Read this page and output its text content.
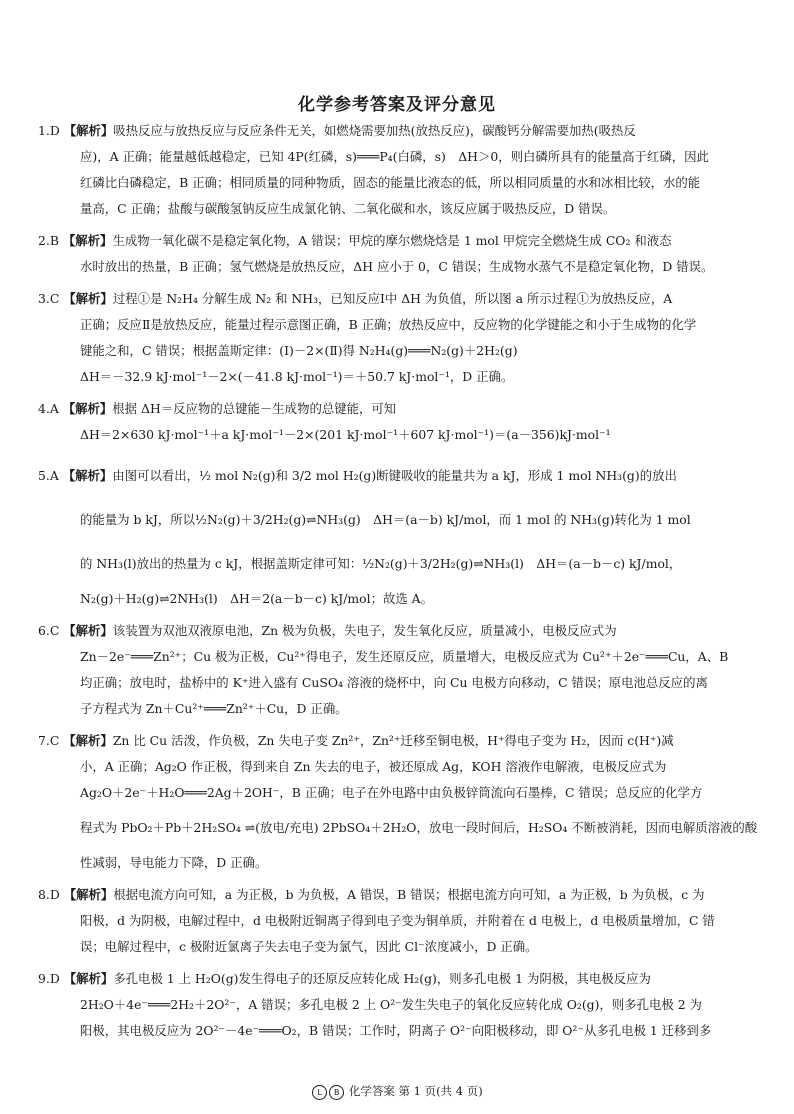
化学参考答案及评分意见
1.D 【解析】吸热反应与放热反应与反应条件无关，如燃烧需要加热(放热反应)，碳酸钙分解需要加热(吸热反
应)，A 正确；能量越低越稳定，已知 4P(红磷，s)═══P₄(白磷，s)　ΔH＞0，则白磷所具有的能量高于红磷，因此
红磷比白磷稳定，B 正确；相同质量的同种物质，固态的能量比液态的低，所以相同质量的水和冰相比较，水的能
量高，C 正确；盐酸与碳酸氢钠反应生成氯化钠、二氧化碳和水，该反应属于吸热反应，D 错误。
2.B 【解析】生成物一氧化碳不是稳定氧化物，A 错误；甲烷的摩尔燃烧焓是 1 mol 甲烷完全燃烧生成 CO₂ 和液态
水时放出的热量，B 正确；氢气燃烧是放热反应，ΔH 应小于 0，C 错误；生成物水蒸气不是稳定氧化物，D 错误。
3.C 【解析】过程①是 N₂H₄ 分解生成 N₂ 和 NH₃，已知反应Ⅰ中 ΔH 为负值，所以图 a 所示过程①为放热反应，A
正确；反应Ⅱ是放热反应，能量过程示意图正确，B 正确；放热反应中，反应物的化学键能之和小于生成物的化学
键能之和，C 错误；根据盖斯定律：(Ⅰ)－2×(Ⅱ)得 N₂H₄(g)═══N₂(g)＋2H₂(g)
ΔH＝－32.9 kJ·mol⁻¹－2×(－41.8 kJ·mol⁻¹)＝＋50.7 kJ·mol⁻¹，D 正确。
4.A 【解析】根据 ΔH＝反应物的总键能－生成物的总键能，可知
ΔH＝2×630 kJ·mol⁻¹＋a kJ·mol⁻¹－2×(201 kJ·mol⁻¹＋607 kJ·mol⁻¹)＝(a－356)kJ·mol⁻¹
5.A 【解析】由图可以看出，½ mol N₂(g)和 3/2 mol H₂(g)断键吸收的能量共为 a kJ，形成 1 mol NH₃(g)的放出
的能量为 b kJ，所以½N₂(g)＋3/2H₂(g)⇌NH₃(g)　ΔH＝(a－b) kJ/mol，而 1 mol 的 NH₃(g)转化为 1 mol
的 NH₃(l)放出的热量为 c kJ，根据盖斯定律可知：½N₂(g)＋3/2H₂(g)⇌NH₃(l)　ΔH＝(a－b－c) kJ/mol，
N₂(g)＋H₂(g)⇌2NH₃(l)　ΔH＝2(a－b－c) kJ/mol；故选 A。
6.C 【解析】该装置为双池双液原电池，Zn 极为负极，失电子，发生氧化反应，质量减小，电极反应式为
Zn－2e⁻═══Zn²⁺；Cu 极为正极，Cu²⁺得电子，发生还原反应，质量增大，电极反应式为 Cu²⁺＋2e⁻═══Cu，A、B
均正确；放电时，盐桥中的 K⁺进入盛有 CuSO₄ 溶液的烧杯中，向 Cu 电极方向移动，C 错误；原电池总反应的离
子方程式为 Zn＋Cu²⁺═══Zn²⁺＋Cu，D 正确。
7.C 【解析】Zn 比 Cu 活泼，作负极，Zn 失电子变 Zn²⁺，Zn²⁺迁移至铜电极，H⁺得电子变为 H₂，因而 c(H⁺)减
小，A 正确；Ag₂O 作正极，得到来自 Zn 失去的电子，被还原成 Ag，KOH 溶液作电解液，电极反应式为
Ag₂O＋2e⁻＋H₂O═══2Ag＋2OH⁻，B 正确；电子在外电路中由负极锌筒流向石墨棒，C 错误；总反应的化学方
程式为 PbO₂＋Pb＋2H₂SO₄ ⇌(放电/充电) 2PbSO₄＋2H₂O，放电一段时间后，H₂SO₄ 不断被消耗，因而电解质溶液的酸
性减弱，导电能力下降，D 正确。
8.D 【解析】根据电流方向可知，a 为正极，b 为负极，A 错误，B 错误；根据电流方向可知，a 为正极，b 为负极，c 为
阳极，d 为阴极，电解过程中，d 电极附近铜离子得到电子变为铜单质，并附着在 d 电极上，d 电极质量增加，C 错
误；电解过程中，c 极附近氯离子失去电子变为氯气，因此 Cl⁻浓度减小，D 正确。
9.D 【解析】多孔电极 1 上 H₂O(g)发生得电子的还原反应转化成 H₂(g)，则多孔电极 1 为阴极，其电极反应为
2H₂O＋4e⁻═══2H₂＋2O²⁻，A 错误；多孔电极 2 上 O²⁻发生失电子的氧化反应转化成 O₂(g)，则多孔电极 2 为
阳极，其电极反应为 2O²⁻－4e⁻═══O₂，B 错误；工作时，阴离子 O²⁻向阳极移动，即 O²⁻从多孔电极 1 迁移到多
L B 化学答案 第 1 页(共 4 页)
